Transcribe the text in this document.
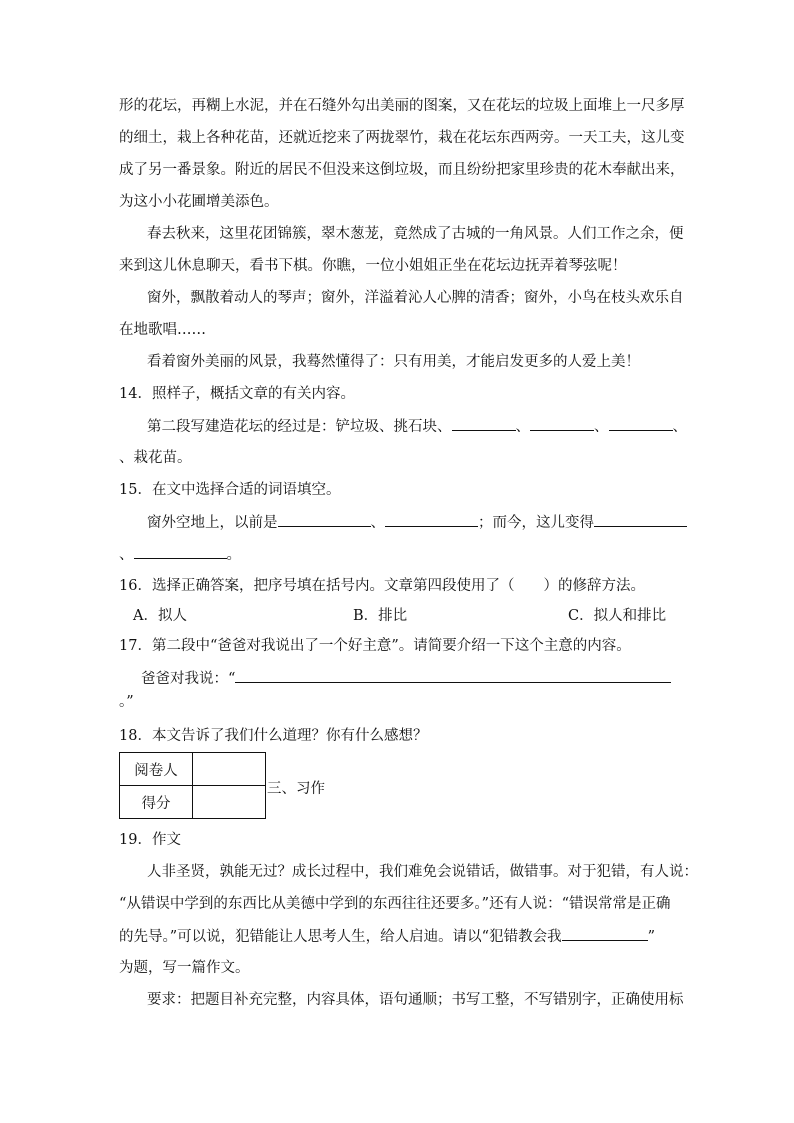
形的花坛，再糊上水泥，并在石缝外勾出美丽的图案，又在花坛的垃圾上面堆上一尺多厚
的细土，栽上各种花苗，还就近挖来了两拢翠竹，栽在花坛东西两旁。一天工夫，这儿变
成了另一番景象。附近的居民不但没来这倒垃圾，而且纷纷把家里珍贵的花木奉献出来，
为这小小花圃增美添色。
春去秋来，这里花团锦簇，翠木葱茏，竟然成了古城的一角风景。人们工作之余，便
来到这儿休息聊天，看书下棋。你瞧，一位小姐姐正坐在花坛边抚弄着琴弦呢！
窗外，飘散着动人的琴声；窗外，洋溢着沁人心脾的清香；窗外，小鸟在枝头欢乐自
在地歌唱……
看着窗外美丽的风景，我蓦然懂得了：只有用美，才能启发更多的人爱上美！
14．照样子，概括文章的有关内容。
第二段写建造花坛的经过是：铲垃圾、挑石块、	、	、	、
、栽花苗。
15．在文中选择合适的词语填空。
窗外空地上，以前是	、	；而今，这儿变得
、	。
16．选择正确答案，把序号填在括号内。文章第四段使用了（　　）的修辞方法。
A．拟人	B．排比	C．拟人和排比
17．第二段中“爸爸对我说出了一个好主意”。请简要介绍一下这个主意的内容。
爸爸对我说：“
。”
18．本文告诉了我们什么道理？你有什么感想？
阅卷人	
得分	
三、习作
19．作文
人非圣贤，孰能无过？成长过程中，我们难免会说错话，做错事。对于犯错，有人说：
“从错误中学到的东西比从美德中学到的东西往往还要多。”还有人说：“错误常常是正确
的先导。”可以说，犯错能让人思考人生，给人启迪。请以“犯错教会我	”
为题，写一篇作文。
要求：把题目补充完整，内容具体，语句通顺；书写工整，不写错别字，正确使用标
